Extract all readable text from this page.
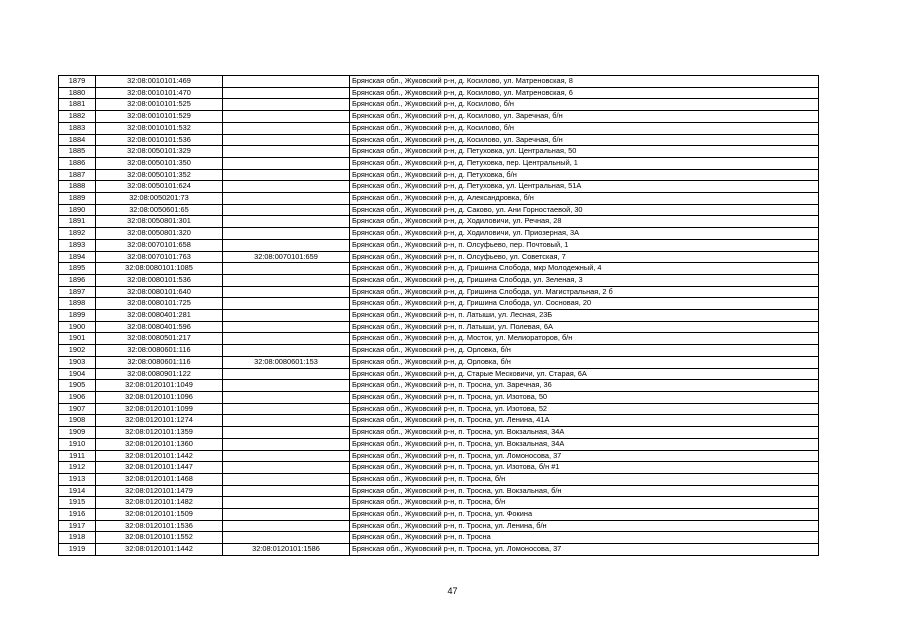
1879	32:08:0010101:469		Брянская обл., Жуковский р-н, д. Косилово, ул. Матреновская, 8
1880	32:08:0010101:470		Брянская обл., Жуковский р-н, д. Косилово, ул. Матреновская, 6
1881	32:08:0010101:525		Брянская обл., Жуковский р-н, д. Косилово, б/н
1882	32:08:0010101:529		Брянская обл., Жуковский р-н, д. Косилово, ул. Заречная, б/н
1883	32:08:0010101:532		Брянская обл., Жуковский р-н, д. Косилово, б/н
1884	32:08:0010101:536		Брянская обл., Жуковский р-н, д. Косилово, ул. Заречная, б/н
1885	32:08:0050101:329		Брянская обл., Жуковский р-н, д. Петуховка, ул. Центральная, 50
1886	32:08:0050101:350		Брянская обл., Жуковский р-н, д. Петуховка, пер. Центральный, 1
1887	32:08:0050101:352		Брянская обл., Жуковский р-н, д. Петуховка, б/н
1888	32:08:0050101:624		Брянская обл., Жуковский р-н, д. Петуховка, ул. Центральная, 51А
1889	32:08:0050201:73		Брянская обл., Жуковский р-н, д. Александровка, б/н
1890	32:08:0050601:65		Брянская обл., Жуковский р-н, д. Саково, ул. Ани Горностаевой, 30
1891	32:08:0050801:301		Брянская обл., Жуковский р-н, д. Ходиловичи, ул. Речная, 28
1892	32:08:0050801:320		Брянская обл., Жуковский р-н, д. Ходиловичи, ул. Приозерная, 3А
1893	32:08:0070101:658		Брянская обл., Жуковский р-н, п. Олсуфьево, пер. Почтовый, 1
1894	32:08:0070101:763	32:08:0070101:659	Брянская обл., Жуковский р-н, п. Олсуфьево, ул. Советская, 7
1895	32:08:0080101:1085		Брянская обл., Жуковский р-н, д. Гришина Слобода, мкр Молодежный, 4
1896	32:08:0080101:536		Брянская обл., Жуковский р-н, д. Гришина Слобода, ул. Зеленая, 3
1897	32:08:0080101:640		Брянская обл., Жуковский р-н, д. Гришина Слобода, ул. Магистральная, 2 б
1898	32:08:0080101:725		Брянская обл., Жуковский р-н, д. Гришина Слобода, ул. Сосновая, 20
1899	32:08:0080401:281		Брянская обл., Жуковский р-н, п. Латыши, ул. Лесная, 23Б
1900	32:08:0080401:596		Брянская обл., Жуковский р-н, п. Латыши, ул. Полевая, 6А
1901	32:08:0080501:217		Брянская обл., Жуковский р-н, д. Мосток, ул. Мелиораторов, б/н
1902	32:08:0080601:116		Брянская обл., Жуковский р-н, д. Орловка, б/н
1903	32:08:0080601:116	32:08:0080601:153	Брянская обл., Жуковский р-н, д. Орловка, б/н
1904	32:08:0080901:122		Брянская обл., Жуковский р-н, д. Старые Месковичи, ул. Старая, 6А
1905	32:08:0120101:1049		Брянская обл., Жуковский р-н, п. Тросна, ул. Заречная, 36
1906	32:08:0120101:1096		Брянская обл., Жуковский р-н, п. Тросна, ул. Изотова, 50
1907	32:08:0120101:1099		Брянская обл., Жуковский р-н, п. Тросна, ул. Изотова, 52
1908	32:08:0120101:1274		Брянская обл., Жуковский р-н, п. Тросна, ул. Ленина, 41А
1909	32:08:0120101:1359		Брянская обл., Жуковский р-н, п. Тросна, ул. Вокзальная, 34А
1910	32:08:0120101:1360		Брянская обл., Жуковский р-н, п. Тросна, ул. Вокзальная, 34А
1911	32:08:0120101:1442		Брянская обл., Жуковский р-н, п. Тросна, ул. Ломоносова, 37
1912	32:08:0120101:1447		Брянская обл., Жуковский р-н, п. Тросна, ул. Изотова, б/н #1
1913	32:08:0120101:1468		Брянская обл., Жуковский р-н, п. Тросна, б/н
1914	32:08:0120101:1479		Брянская обл., Жуковский р-н, п. Тросна, ул. Вокзальная, б/н
1915	32:08:0120101:1482		Брянская обл., Жуковский р-н, п. Тросна, б/н
1916	32:08:0120101:1509		Брянская обл., Жуковский р-н, п. Тросна, ул. Фокина
1917	32:08:0120101:1536		Брянская обл., Жуковский р-н, п. Тросна, ул. Ленина, б/н
1918	32:08:0120101:1552		Брянская обл., Жуковский р-н, п. Тросна
1919	32:08:0120101:1442	32:08:0120101:1586	Брянская обл., Жуковский р-н, п. Тросна, ул. Ломоносова, 37
47
